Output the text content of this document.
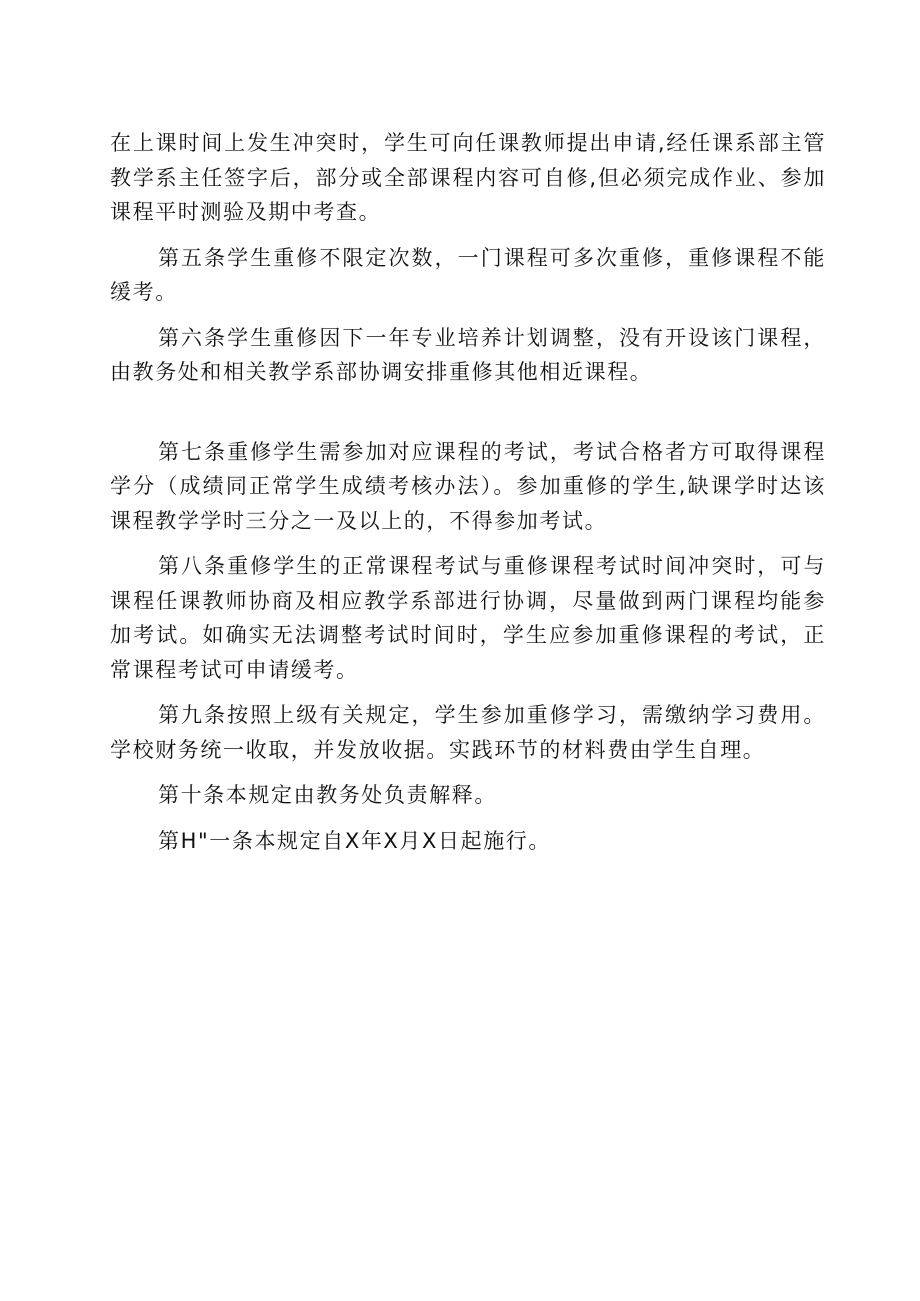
在上课时间上发生冲突时，学生可向任课教师提出申请,经任课系部主管教学系主任签字后，部分或全部课程内容可自修,但必须完成作业、参加课程平时测验及期中考查。

第五条学生重修不限定次数，一门课程可多次重修，重修课程不能缓考。

第六条学生重修因下一年专业培养计划调整，没有开设该门课程，由教务处和相关教学系部协调安排重修其他相近课程。

第七条重修学生需参加对应课程的考试，考试合格者方可取得课程学分（成绩同正常学生成绩考核办法）。参加重修的学生,缺课学时达该课程教学学时三分之一及以上的，不得参加考试。

第八条重修学生的正常课程考试与重修课程考试时间冲突时，可与课程任课教师协商及相应教学系部进行协调，尽量做到两门课程均能参加考试。如确实无法调整考试时间时，学生应参加重修课程的考试，正常课程考试可申请缓考。

第九条按照上级有关规定，学生参加重修学习，需缴纳学习费用。学校财务统一收取，并发放收据。实践环节的材料费由学生自理。

第十条本规定由教务处负责解释。

第H"一条本规定自X年X月X日起施行。
